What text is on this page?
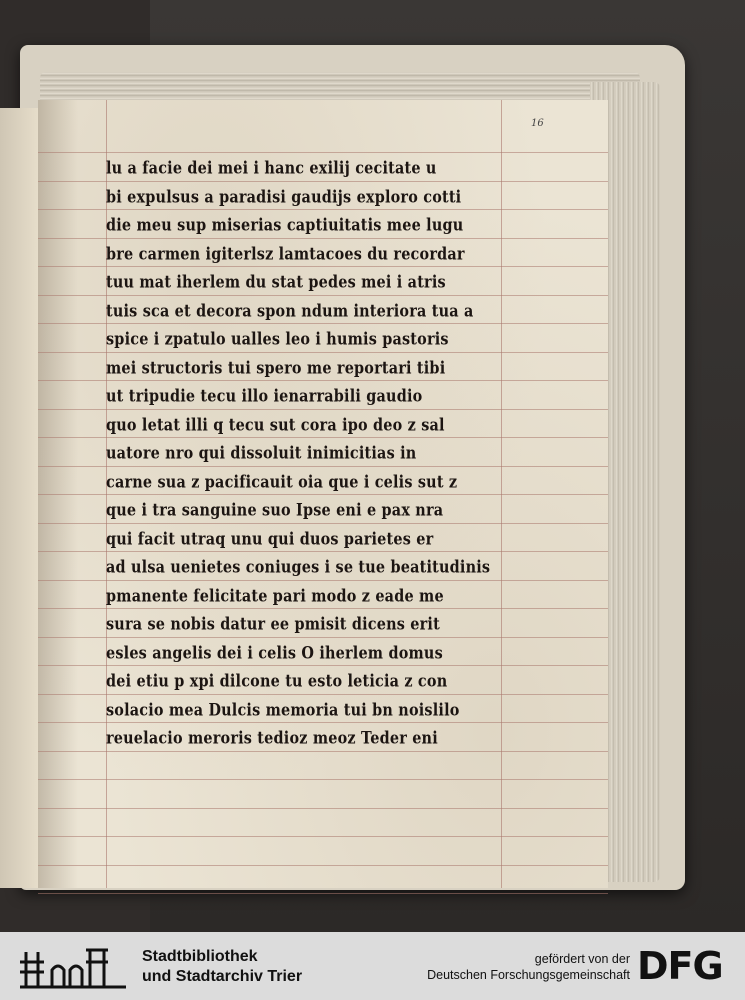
16
lu a facie dei mei i hanc exilij cecitate u
bi expulsus a paradisi gaudijs exploro cotti
die meu sup miserias captiuitatis mee lugu
bre carmen igiterlsz lamtacoes du recordar
tuu mat iherlem du stat pedes mei i atris
tuis sca et decora spon ndum interiora tua a
spice i zpatulo ualles leo i humis pastoris
mei structoris tui spero me reportari tibi
ut tripudie tecu illo ienarrabili gaudio
quo letat illi q tecu sut cora ipo deo z sal
uatore nro qui dissoluit inimicitias in
carne sua z pacificauit oia que i celis sut z
que i tra sanguine suo Ipse eni e pax nra
qui facit utraq unu qui duos parietes er
ad ulsa uenietes coniuges i se tue beatitudinis
pmanente felicitate pari modo z eade me
sura se nobis datur ee pmisit dicens erit
esles angelis dei i celis O iherlem domus
dei etiu p xpi dilcone tu esto leticia z con
solacio mea Dulcis memoria tui bn noislilo
reuelacio meroris tedioz meoz Teder eni
Stadtbibliothek
und Stadtarchiv Trier
gefördert von der
Deutschen Forschungsgemeinschaft DFG
